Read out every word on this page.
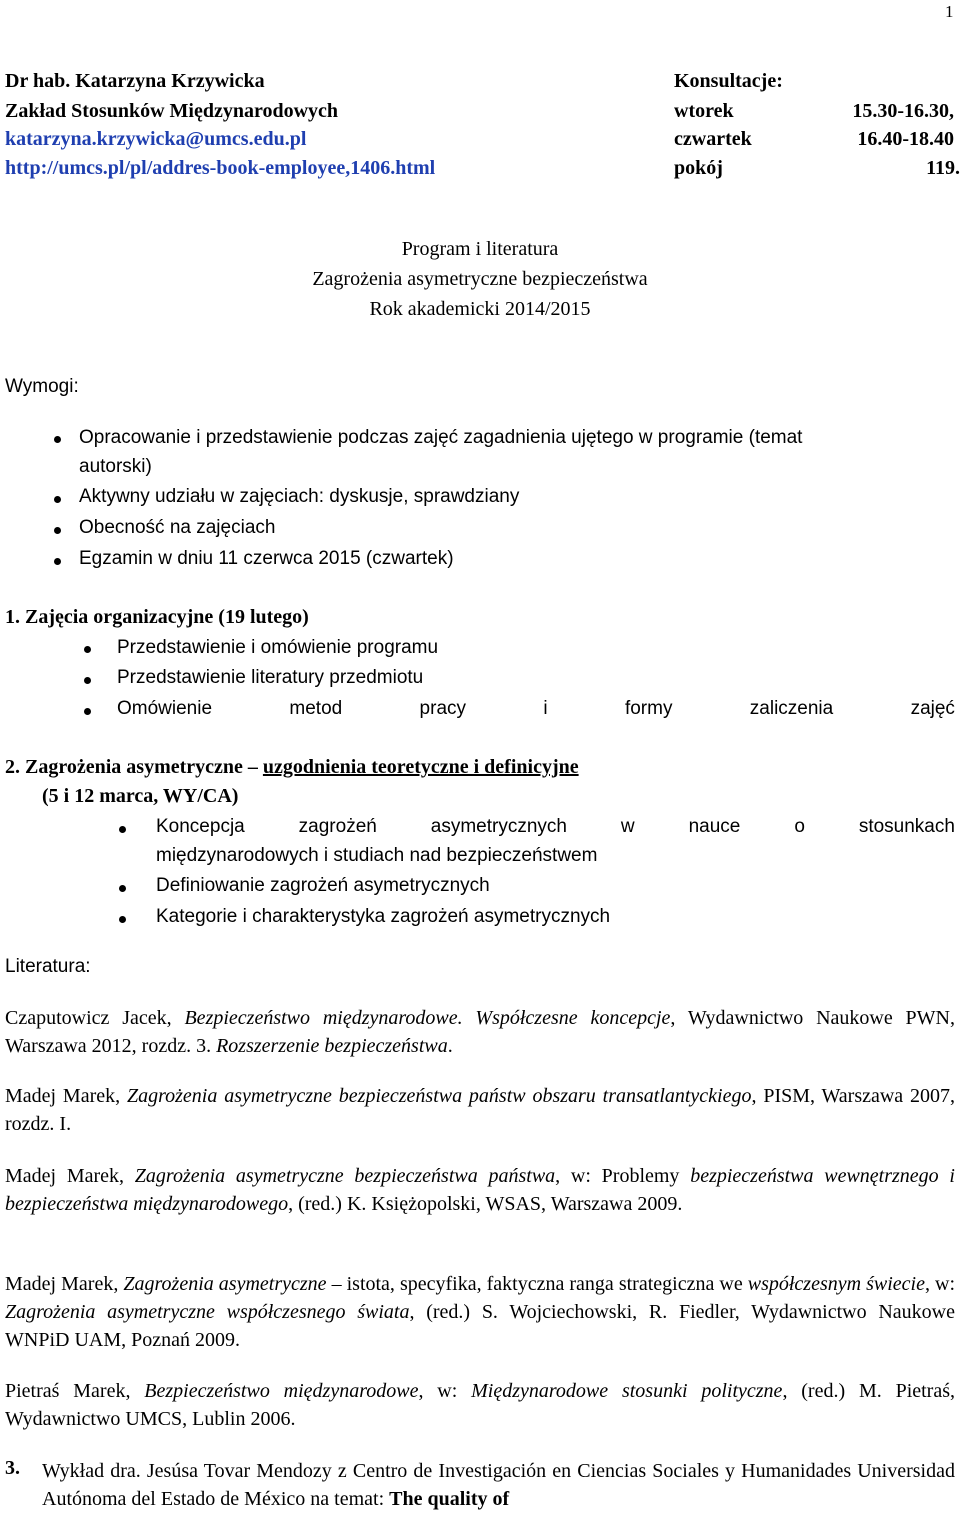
1
Dr hab. Katarzyna Krzywicka
Zakład Stosunków Międzynarodowych
katarzyna.krzywicka@umcs.edu.pl
http://umcs.pl/pl/addres-book-employee,1406.html
Konsultacje:
wtorek	15.30-16.30,
czwartek	16.40-18.40
pokój	119.
Program i literatura
Zagrożenia asymetryczne bezpieczeństwa
Rok akademicki 2014/2015
Wymogi:
Opracowanie i przedstawienie podczas zajęć zagadnienia ujętego w programie (temat
autorski)
Aktywny udziału w zajęciach: dyskusje, sprawdziany
Obecność na zajęciach
Egzamin w dniu 11 czerwca 2015 (czwartek)
1. Zajęcia organizacyjne (19 lutego)
Przedstawienie i omówienie programu
Przedstawienie literatury przedmiotu
Omówienie	metod	pracy	i	formy	zaliczenia	zajęć
2. Zagrożenia asymetryczne – uzgodnienia teoretyczne i definicyjne
(5 i 12 marca, WY/CA)
Koncepcja	zagrożeń	asymetrycznych	w	nauce	o	stosunkach
międzynarodowych i studiach nad bezpieczeństwem
Definiowanie zagrożeń asymetrycznych
Kategorie i charakterystyka zagrożeń asymetrycznych
Literatura:
Czaputowicz Jacek, Bezpieczeństwo międzynarodowe. Współczesne koncepcje, Wydawnictwo Naukowe PWN, Warszawa 2012, rozdz. 3. Rozszerzenie bezpieczeństwa.
Madej Marek, Zagrożenia asymetryczne bezpieczeństwa państw obszaru transatlantyckiego, PISM, Warszawa 2007, rozdz. I.
Madej Marek, Zagrożenia asymetryczne bezpieczeństwa państwa, w: Problemy bezpieczeństwa wewnętrznego i bezpieczeństwa międzynarodowego, (red.) K. Księżopolski, WSAS, Warszawa 2009.
Madej Marek, Zagrożenia asymetryczne – istota, specyfika, faktyczna ranga strategiczna we współczesnym świecie, w: Zagrożenia asymetryczne współczesnego świata, (red.) S. Wojciechowski, R. Fiedler, Wydawnictwo Naukowe WNPiD UAM, Poznań 2009.
Pietraś Marek, Bezpieczeństwo międzynarodowe, w: Międzynarodowe stosunki polityczne, (red.) M. Pietraś, Wydawnictwo UMCS, Lublin 2006.
3. Wykład dra. Jesúsa Tovar Mendozy z Centro de Investigación en Ciencias Sociales y Humanidades Universidad Autónoma del Estado de México na temat: The quality of
